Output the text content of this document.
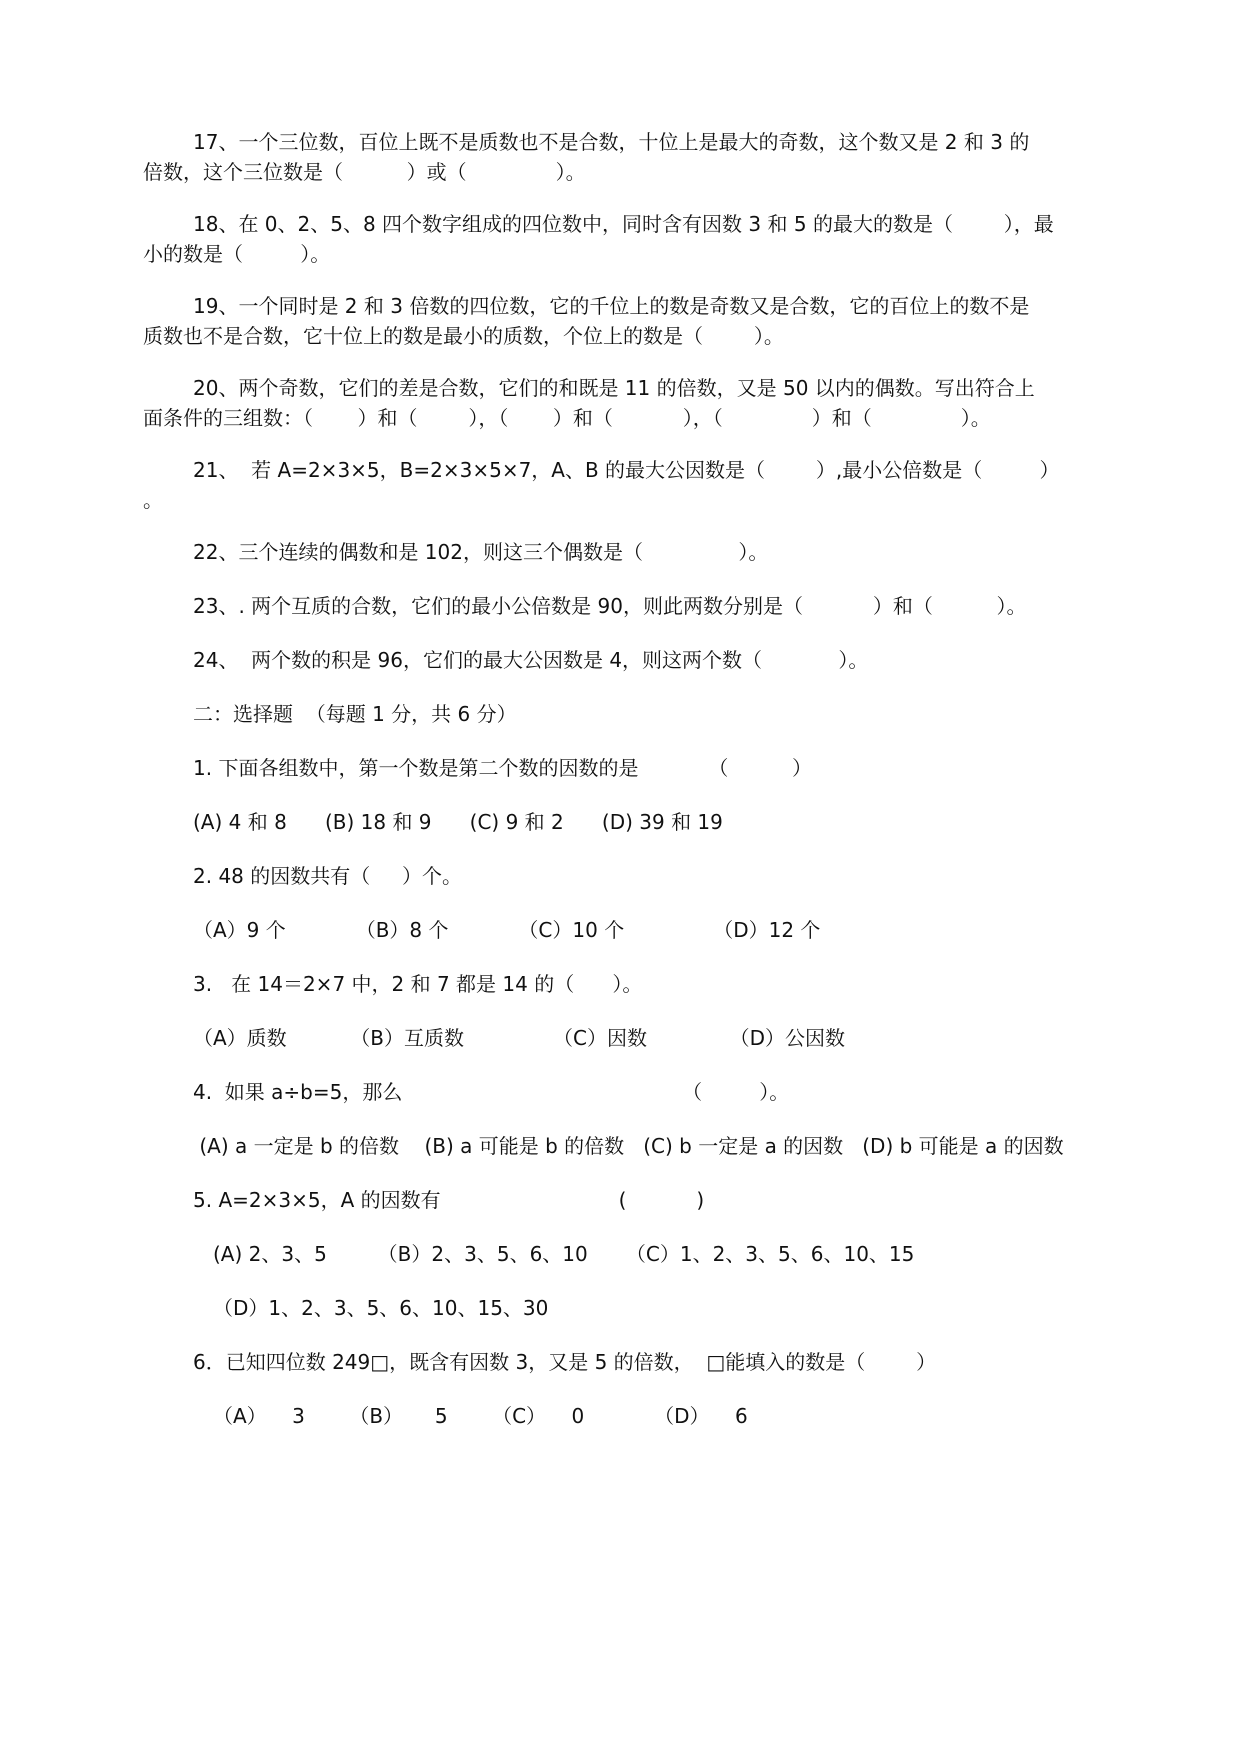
17、一个三位数，百位上既不是质数也不是合数，十位上是最大的奇数，这个数又是 2 和 3 的
倍数，这个三位数是（          ）或（              ）。
18、在 0、2、5、8 四个数字组成的四位数中，同时含有因数 3 和 5 的最大的数是（        ），最
小的数是（         ）。
19、一个同时是 2 和 3 倍数的四位数，它的千位上的数是奇数又是合数，它的百位上的数不是
质数也不是合数，它十位上的数是最小的质数，个位上的数是（        ）。
20、两个奇数，它们的差是合数，它们的和既是 11 的倍数，又是 50 以内的偶数。写出符合上
面条件的三组数：（       ）和（        ），（       ）和（           ），（              ）和（              ）。
21、  若 A=2×3×5，B=2×3×5×7，A、B 的最大公因数是（        ）,最小公倍数是（         ）
。
22、三个连续的偶数和是 102，则这三个偶数是（               ）。
23、. 两个互质的合数，它们的最小公倍数是 90，则此两数分别是（           ）和（          ）。
24、  两个数的积是 96，它们的最大公因数是 4，则这两个数（            ）。
二：选择题  （每题 1 分，共 6 分）
1. 下面各组数中，第一个数是第二个数的因数的是           （          ）
(A) 4 和 8      (B) 18 和 9      (C) 9 和 2      (D) 39 和 19
2. 48 的因数共有（     ）个。
（A）9 个           （B）8 个           （C）10 个              （D）12 个
3.   在 14＝2×7 中，2 和 7 都是 14 的（      ）。
（A）质数          （B）互质数              （C）因数             （D）公因数
4.  如果 a÷b=5，那么                                            （         ）。
(A) a 一定是 b 的倍数    (B) a 可能是 b 的倍数   (C) b 一定是 a 的因数   (D) b 可能是 a 的因数
5. A=2×3×5，A 的因数有                            (           )
(A) 2、3、5        （B）2、3、5、6、10      （C）1、2、3、5、6、10、15
（D）1、2、3、5、6、10、15、30
6．已知四位数 249□，既含有因数 3，又是 5 的倍数，  □能填入的数是（        ）
（A）    3       （B）     5       （C）    0           （D）    6
